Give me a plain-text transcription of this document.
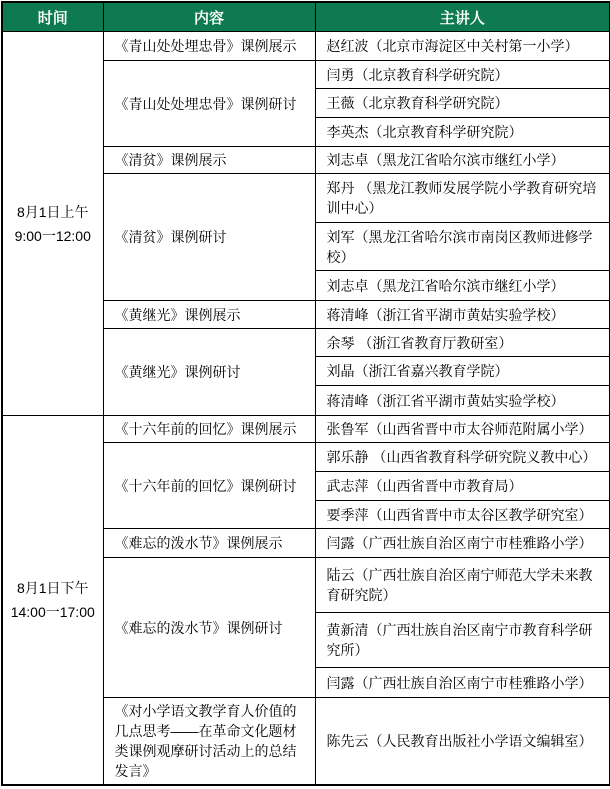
时间	内容	主讲人

8月1日上午
9:00一12:00	《青山处处埋忠骨》课例展示	赵红波（北京市海淀区中关村第一小学）
	《青山处处埋忠骨》课例研讨	闫勇（北京教育科学研究院）
		王薇（北京教育科学研究院）
		李英杰（北京教育科学研究院）
	《清贫》课例展示	刘志卓（黑龙江省哈尔滨市继红小学）
	《清贫》课例研讨	郑丹 （黑龙江教师发展学院小学教育研究培训中心）
		刘军（黑龙江省哈尔滨市南岗区教师进修学校）
		刘志卓（黑龙江省哈尔滨市继红小学）
	《黄继光》课例展示	蒋清峰（浙江省平湖市黄姑实验学校）
	《黄继光》课例研讨	余琴 （浙江省教育厅教研室）
		刘晶（浙江省嘉兴教育学院）
		蒋清峰（浙江省平湖市黄姑实验学校）

8月1日下午
14:00一17:00	《十六年前的回忆》课例展示	张鲁军（山西省晋中市太谷师范附属小学）
	《十六年前的回忆》课例研讨	郭乐静 （山西省教育科学研究院义教中心）
		武志萍（山西省晋中市教育局）
		要季萍（山西省晋中市太谷区教学研究室）
	《难忘的泼水节》课例展示	闫露（广西壮族自治区南宁市桂雅路小学）
	《难忘的泼水节》课例研讨	陆云（广西壮族自治区南宁师范大学未来教育研究院）
		黄新清（广西壮族自治区南宁市教育科学研究所）
		闫露（广西壮族自治区南宁市桂雅路小学）
	《对小学语文教学育人价值的几点思考——在革命文化题材类课例观摩研讨活动上的总结发言》	陈先云（人民教育出版社小学语文编辑室）
